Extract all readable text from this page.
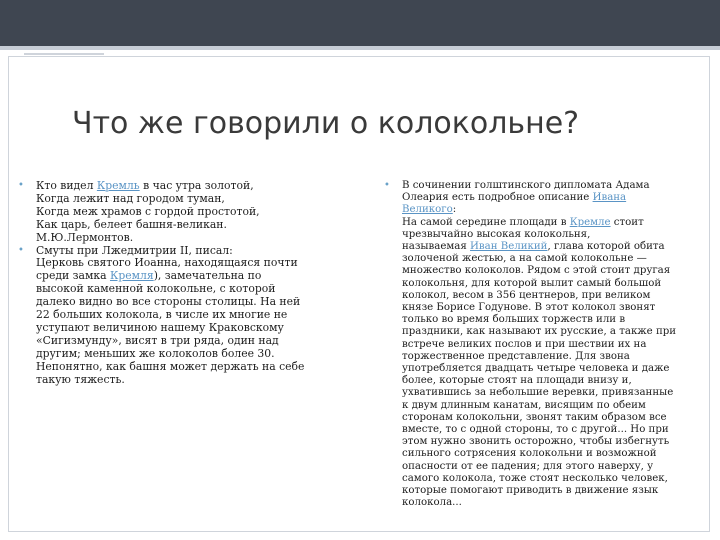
Что же говорили о колокольне?
• Кто видел Кремль в час утра золотой,
Когда лежит над городом туман,
Когда меж храмов с гордой простотой,
Как царь, белеет башня-великан.
М.Ю.Лермонтов.
• Смуты при Лжедмитрии II, писал:
Церковь святого Иоанна, находящаяся почти
среди замка Кремля), замечательна по
высокой каменной колокольне, с которой
далеко видно во все стороны столицы. На ней
22 больших колокола, в числе их многие не
уступают величиною нашему Краковскому
«Сигизмунду», висят в три ряда, один над
другим; меньших же колоколов более 30.
Непонятно, как башня может держать на себе
такую тяжесть.
• В сочинении голштинского дипломата Адама
Олеария есть подробное описание Ивана
Великого:
На самой середине площади в Кремле стоит
чрезвычайно высокая колокольня,
называемая Иван Великий, глава которой обита
золоченой жестью, а на самой колокольне —
множество колоколов. Рядом с этой стоит другая
колокольня, для которой вылит самый большой
колокол, весом в 356 центнеров, при великом
князе Борисе Годунове. В этот колокол звонят
только во время больших торжеств или в
праздники, как называют их русские, а также при
встрече великих послов и при шествии их на
торжественное представление. Для звона
употребляется двадцать четыре человека и даже
более, которые стоят на площади внизу и,
ухватившись за небольшие веревки, привязанные
к двум длинным канатам, висящим по обеим
сторонам колокольни, звонят таким образом все
вместе, то с одной стороны, то с другой... Но при
этом нужно звонить осторожно, чтобы избегнуть
сильного сотрясения колокольни и возможной
опасности от ее падения; для этого наверху, у
самого колокола, тоже стоят несколько человек,
которые помогают приводить в движение язык
колокола...
